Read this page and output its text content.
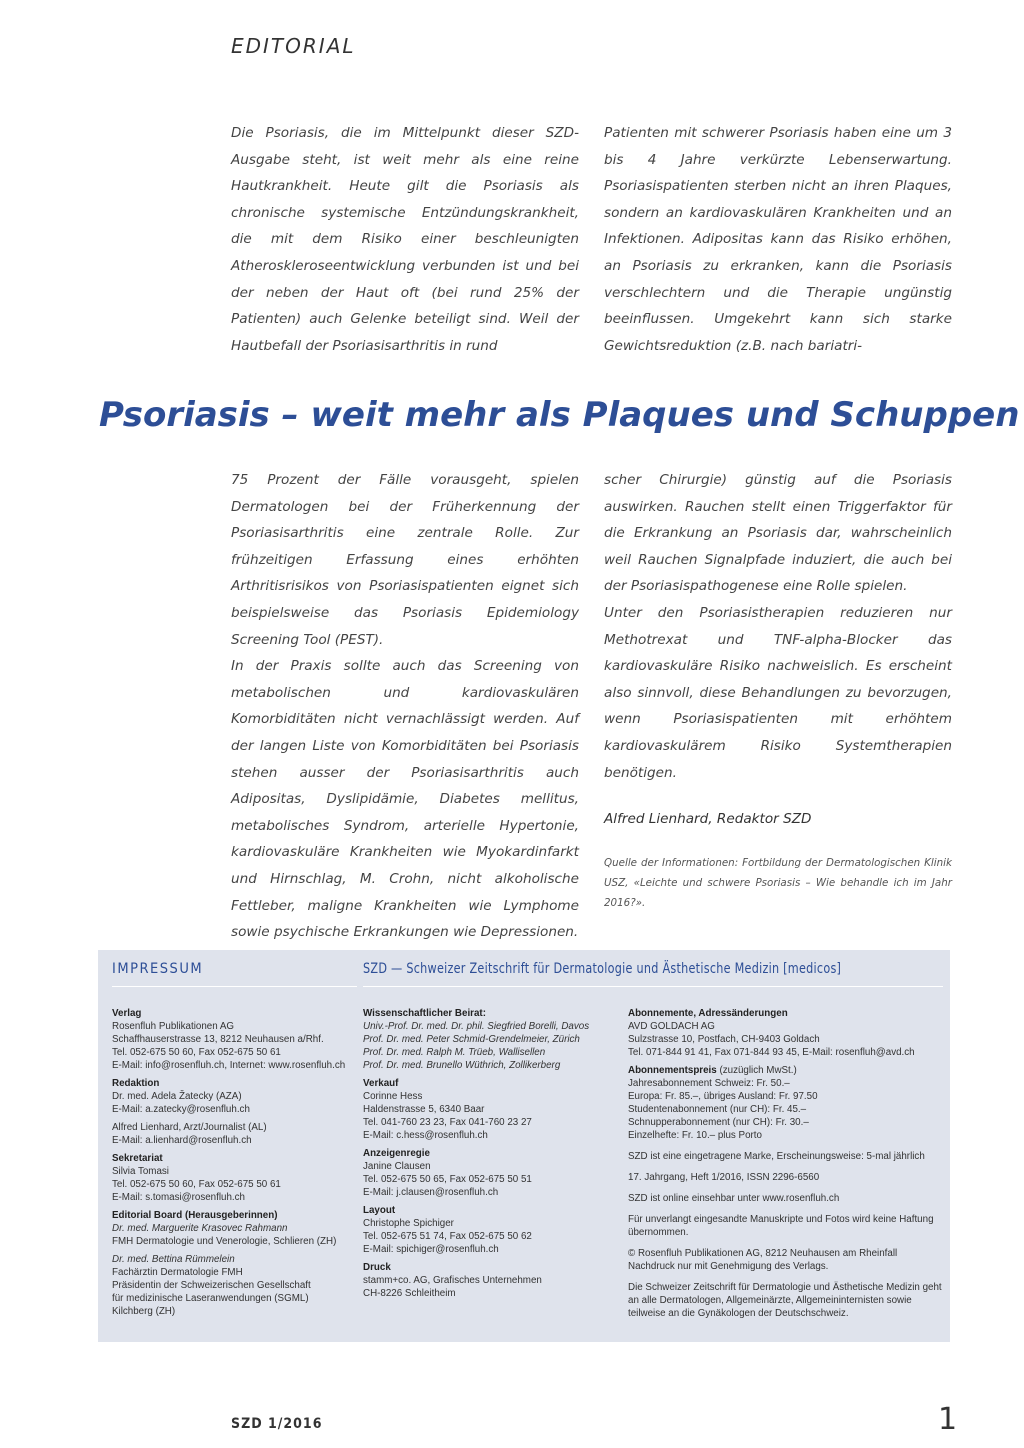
EDITORIAL

Die Psoriasis, die im Mittelpunkt dieser SZD-Ausgabe steht, ist weit mehr als eine reine Hautkrankheit. Heute gilt die Psoriasis als chronische systemische Entzündungskrankheit, die mit dem Risiko einer beschleunigten Atheroskleroseentwicklung verbunden ist und bei der neben der Haut oft (bei rund 25% der Patienten) auch Gelenke beteiligt sind. Weil der Hautbefall der Psoriasisarthritis in rund

Patienten mit schwerer Psoriasis haben eine um 3 bis 4 Jahre verkürzte Lebenserwartung. Psoriasispatienten sterben nicht an ihren Plaques, sondern an kardiovaskulären Krankheiten und an Infektionen. Adipositas kann das Risiko erhöhen, an Psoriasis zu erkranken, kann die Psoriasis verschlechtern und die Therapie ungünstig beeinflussen. Umgekehrt kann sich starke Gewichtsreduktion (z.B. nach bariatri-

Psoriasis – weit mehr als Plaques und Schuppen

75 Prozent der Fälle vorausgeht, spielen Dermatologen bei der Früherkennung der Psoriasisarthritis eine zentrale Rolle. Zur frühzeitigen Erfassung eines erhöhten Arthritisrisikos von Psoriasispatienten eignet sich beispielsweise das Psoriasis Epidemiology Screening Tool (PEST).

In der Praxis sollte auch das Screening von metabolischen und kardiovaskulären Komorbiditäten nicht vernachlässigt werden. Auf der langen Liste von Komorbiditäten bei Psoriasis stehen ausser der Psoriasisarthritis auch Adipositas, Dyslipidämie, Diabetes mellitus, metabolisches Syndrom, arterielle Hypertonie, kardiovaskuläre Krankheiten wie Myokardinfarkt und Hirnschlag, M. Crohn, nicht alkoholische Fettleber, maligne Krankheiten wie Lymphome sowie psychische Erkrankungen wie Depressionen.

scher Chirurgie) günstig auf die Psoriasis auswirken. Rauchen stellt einen Triggerfaktor für die Erkrankung an Psoriasis dar, wahrscheinlich weil Rauchen Signalpfade induziert, die auch bei der Psoriasispathogenese eine Rolle spielen.

Unter den Psoriasistherapien reduzieren nur Methotrexat und TNF-alpha-Blocker das kardiovaskuläre Risiko nachweislich. Es erscheint also sinnvoll, diese Behandlungen zu bevorzugen, wenn Psoriasispatienten mit erhöhtem kardiovaskulärem Risiko Systemtherapien benötigen.

Alfred Lienhard, Redaktor SZD

Quelle der Informationen: Fortbildung der Dermatologischen Klinik USZ, «Leichte und schwere Psoriasis – Wie behandle ich im Jahr 2016?».

IMPRESSUM	SZD — Schweizer Zeitschrift für Dermatologie und Ästhetische Medizin [medicos]
Verlag
Rosenfluh Publikationen AG
Schaffhauserstrasse 13, 8212 Neuhausen a/Rhf.
Tel. 052-675 50 60, Fax 052-675 50 61
E-Mail: info@rosenfluh.ch, Internet: www.rosenfluh.ch
Redaktion
Dr. med. Adela Žatecky (AZA)
E-Mail: a.zatecky@rosenfluh.ch
Alfred Lienhard, Arzt/Journalist (AL)
E-Mail: a.lienhard@rosenfluh.ch
Sekretariat
Silvia Tomasi
Tel. 052-675 50 60, Fax 052-675 50 61
E-Mail: s.tomasi@rosenfluh.ch
Editorial Board (Herausgeberinnen)
Dr. med. Marguerite Krasovec Rahmann
FMH Dermatologie und Venerologie, Schlieren (ZH)
Dr. med. Bettina Rümmelein
Fachärztin Dermatologie FMH
Präsidentin der Schweizerischen Gesellschaft
für medizinische Laseranwendungen (SGML)
Kilchberg (ZH)
Wissenschaftlicher Beirat:
Univ.-Prof. Dr. med. Dr. phil. Siegfried Borelli, Davos
Prof. Dr. med. Peter Schmid-Grendelmeier, Zürich
Prof. Dr. med. Ralph M. Trüeb, Wallisellen
Prof. Dr. med. Brunello Wüthrich, Zollikerberg
Verkauf
Corinne Hess
Haldenstrasse 5, 6340 Baar
Tel. 041-760 23 23, Fax 041-760 23 27
E-Mail: c.hess@rosenfluh.ch
Anzeigenregie
Janine Clausen
Tel. 052-675 50 65, Fax 052-675 50 51
E-Mail: j.clausen@rosenfluh.ch
Layout
Christophe Spichiger
Tel. 052-675 51 74, Fax 052-675 50 62
E-Mail: spichiger@rosenfluh.ch
Druck
stamm+co. AG, Grafisches Unternehmen
CH-8226 Schleitheim
Abonnemente, Adressänderungen
AVD GOLDACH AG
Sulzstrasse 10, Postfach, CH-9403 Goldach
Tel. 071-844 91 41, Fax 071-844 93 45, E-Mail: rosenfluh@avd.ch
Abonnementspreis (zuzüglich MwSt.)
Jahresabonnement Schweiz: Fr. 50.–
Europa: Fr. 85.–, übriges Ausland: Fr. 97.50
Studentenabonnement (nur CH): Fr. 45.–
Schnupperabonnement (nur CH): Fr. 30.–
Einzelhefte: Fr. 10.– plus Porto
SZD ist eine eingetragene Marke, Erscheinungsweise: 5-mal jährlich
17. Jahrgang, Heft 1/2016, ISSN 2296-6560
SZD ist online einsehbar unter www.rosenfluh.ch
Für unverlangt eingesandte Manuskripte und Fotos wird keine Haftung übernommen.
© Rosenfluh Publikationen AG, 8212 Neuhausen am Rheinfall Nachdruck nur mit Genehmigung des Verlags.
Die Schweizer Zeitschrift für Dermatologie und Ästhetische Medizin geht an alle Dermatologen, Allgemeinärzte, Allgemeininternisten sowie teilweise an die Gynäkologen der Deutschschweiz.
SZD 1/2016	1
